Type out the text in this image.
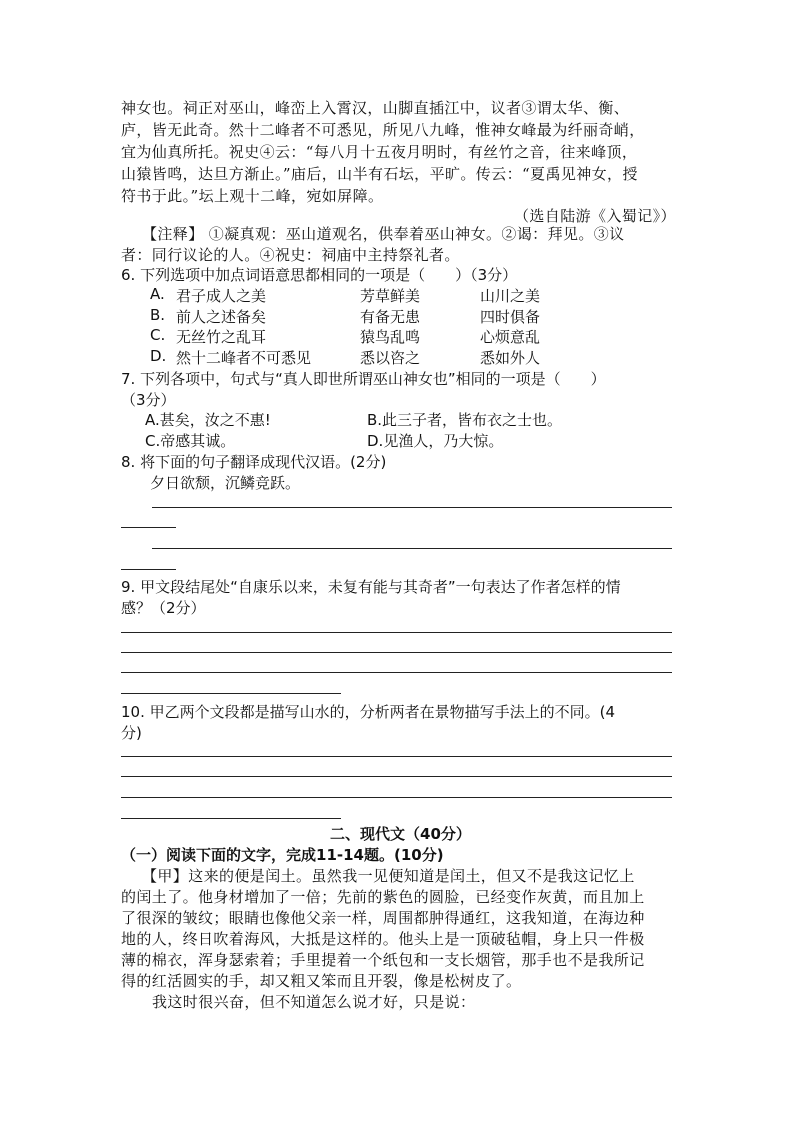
神女也。祠正对巫山，峰峦上入霄汉，山脚直插江中，议者③谓太华、衡、
庐，皆无此奇。然十二峰者不可悉见，所见八九峰，惟神女峰最为纤丽奇峭，
宜为仙真所托。祝史④云：“每八月十五夜月明时，有丝竹之音，往来峰顶，
山猿皆鸣，达旦方渐止。”庙后，山半有石坛，平旷。传云：“夏禹见神女，授
符书于此。”坛上观十二峰，宛如屏障。
（选自陆游《入蜀记》）
【注释】 ①凝真观：巫山道观名，供奉着巫山神女。②谒：拜见。③议
者：同行议论的人。④祝史：祠庙中主持祭礼者。
6. 下列选项中加点词语意思都相同的一项是（　　）（3分）
A. 君子成人之美	芳草鲜美	山川之美
B. 前人之述备矣	有备无患	四时俱备
C. 无丝竹之乱耳	猿鸟乱鸣	心烦意乱
D. 然十二峰者不可悉见	悉以咨之	悉如外人
7. 下列各项中，句式与“真人即世所谓巫山神女也”相同的一项是（　　）
（3分）
A.甚矣，汝之不惠!	B.此三子者，皆布衣之士也。
C.帝感其诚。	D.见渔人，乃大惊。
8. 将下面的句子翻译成现代汉语。(2分)
夕日欲颓，沉鳞竞跃。
9. 甲文段结尾处“自康乐以来，未复有能与其奇者”一句表达了作者怎样的情
感？（2分）
10. 甲乙两个文段都是描写山水的，分析两者在景物描写手法上的不同。(4
分)
二、现代文（40分）
（一）阅读下面的文字，完成11-14题。(10分)
【甲】这来的便是闰土。虽然我一见便知道是闰土，但又不是我这记忆上
的闰土了。他身材增加了一倍；先前的紫色的圆脸，已经变作灰黄，而且加上
了很深的皱纹；眼睛也像他父亲一样，周围都肿得通红，这我知道，在海边种
地的人，终日吹着海风，大抵是这样的。他头上是一顶破毡帽，身上只一件极
薄的棉衣，浑身瑟索着；手里提着一个纸包和一支长烟管，那手也不是我所记
得的红活圆实的手，却又粗又笨而且开裂，像是松树皮了。
我这时很兴奋，但不知道怎么说才好，只是说：
